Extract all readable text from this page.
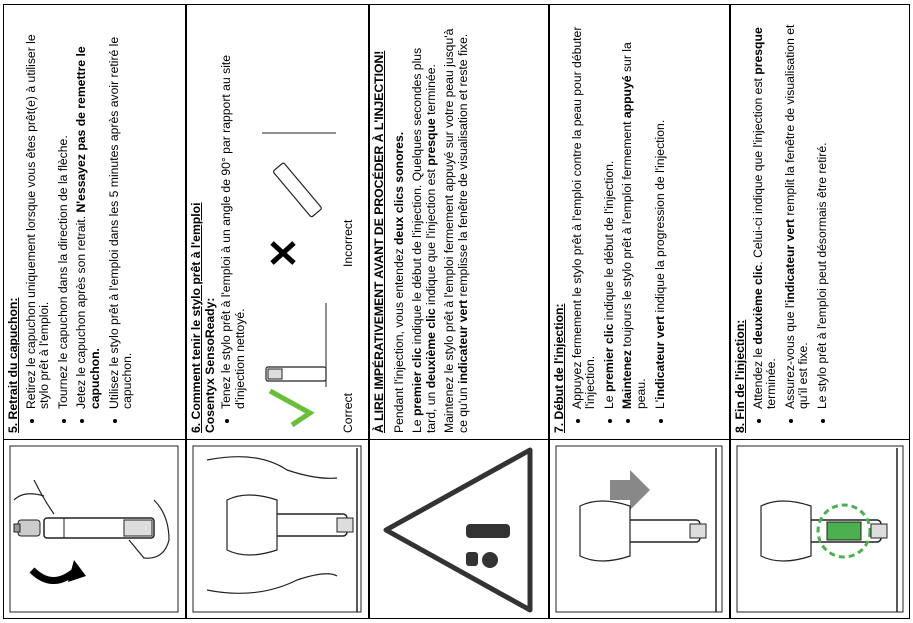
5. Retrait du capuchon: • Retirez le capuchon uniquement lorsque vous êtes prêt(e) à utiliser le stylo prêt à l'emploi. • Tournez le capuchon dans la direction de la flèche. • Jetez le capuchon après son retrait. N'essayez pas de remettre le capuchon. • Utilisez le stylo prêt à l'emploi dans les 5 minutes après avoir retiré le capuchon.	6. Comment tenir le stylo prêt à l'emploi
Cosentyx SensoReady: • Tenez le stylo prêt à l'emploi à un angle de 90° par rapport au site d'injection nettoyé.
Correct
Incorrect À LIRE IMPÉRATIVEMENT AVANT DE PROCÉDER À L'INJECTION! Pendant l'injection, vous entendez deux clics sonores.

Le premier clic indique le début de l'injection. Quelques secondes plus tard, un deuxième clic indique que l'injection est presque terminée. Maintenez le stylo prêt à l'emploi fermement appuyé sur votre peau jusqu'à ce qu'un indicateur vert remplisse la fenêtre de visualisation et reste fixe.

7. Début de l'injection: • Appuyez fermement le stylo prêt à l'emploi contre la peau pour débuter l'injection. • Le premier clic indique le début de l'injection.
• Maintenez toujours le stylo prêt à l'emploi fermement appuyé sur la peau. • L'indicateur vert indique la progression de l'injection.
8. Fin de l'injection: • Attendez le deuxième clic. Celui-ci indique que l'injection est presque terminée. • Assurez-vous que l'indicateur vert remplit la fenêtre de visualisation et qu'il est fixe. • Le stylo prêt à l'emploi peut désormais être retiré.
